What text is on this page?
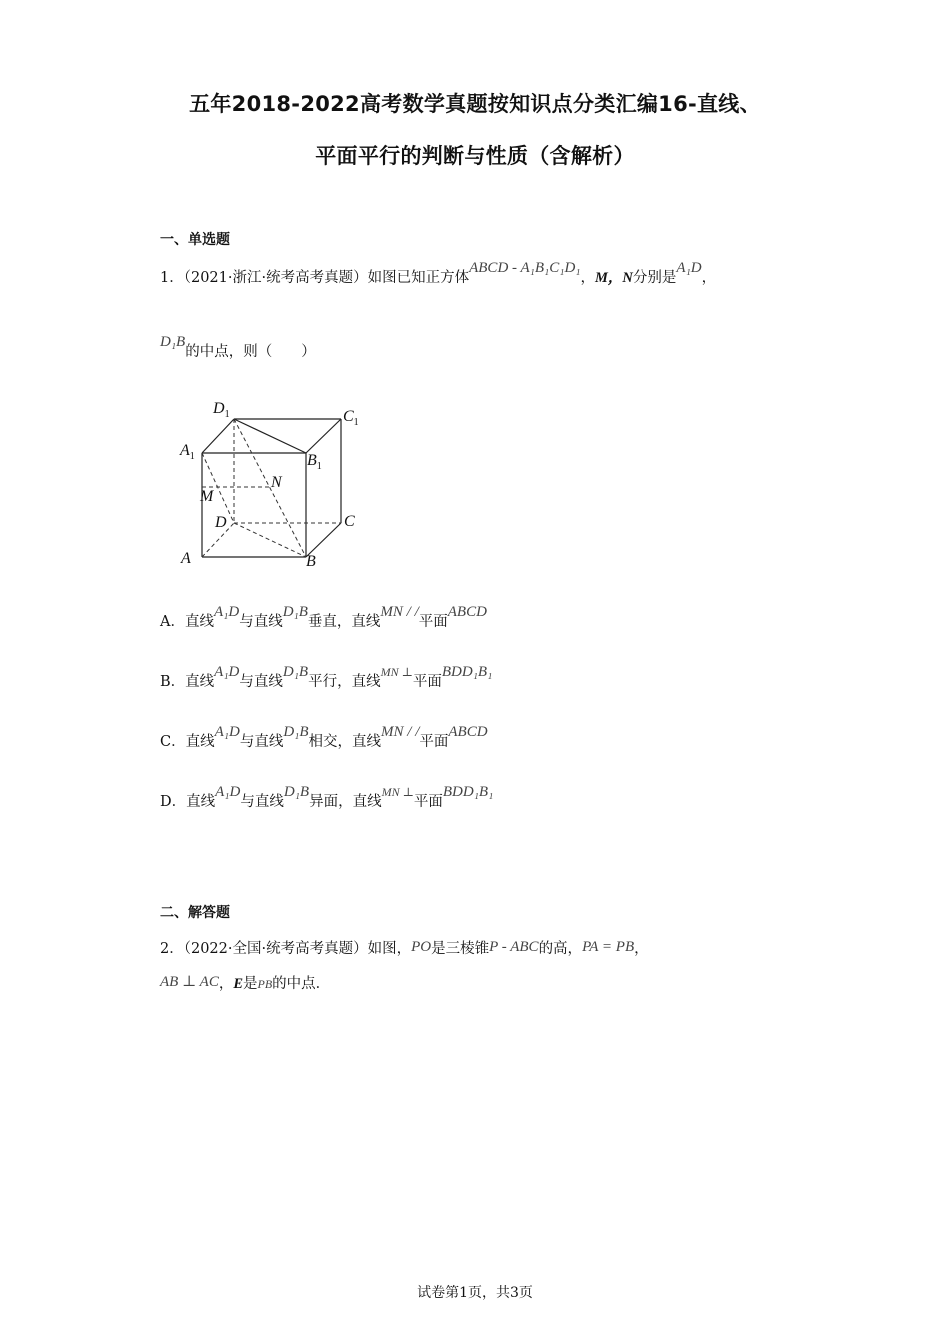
五年2018-2022高考数学真题按知识点分类汇编16-直线、
平面平行的判断与性质（含解析）
一、单选题
1．（2021·浙江·统考高考真题）如图已知正方体ABCD - A₁B₁C₁D₁，M，N分别是A₁D，
D₁B的中点，则（　　）
$D_1$	$C_1$
$A_1$	$B_1$
M
N
D	C
A	B
A．直线A₁D与直线D₁B垂直，直线MN / /平面ABCD
B．直线A₁D与直线D₁B平行，直线$^{MN \perp}$平面BDD₁B₁
C．直线A₁D与直线D₁B相交，直线MN / /平面ABCD
D．直线A₁D与直线D₁B异面，直线$^{MN \perp}$平面BDD₁B₁
二、解答题
2．（2022·全国·统考高考真题）如图，PO是三棱锥P - ABC的高，PA = PB，
AB ⊥ AC，E是PB的中点．
试卷第1页，共3页
